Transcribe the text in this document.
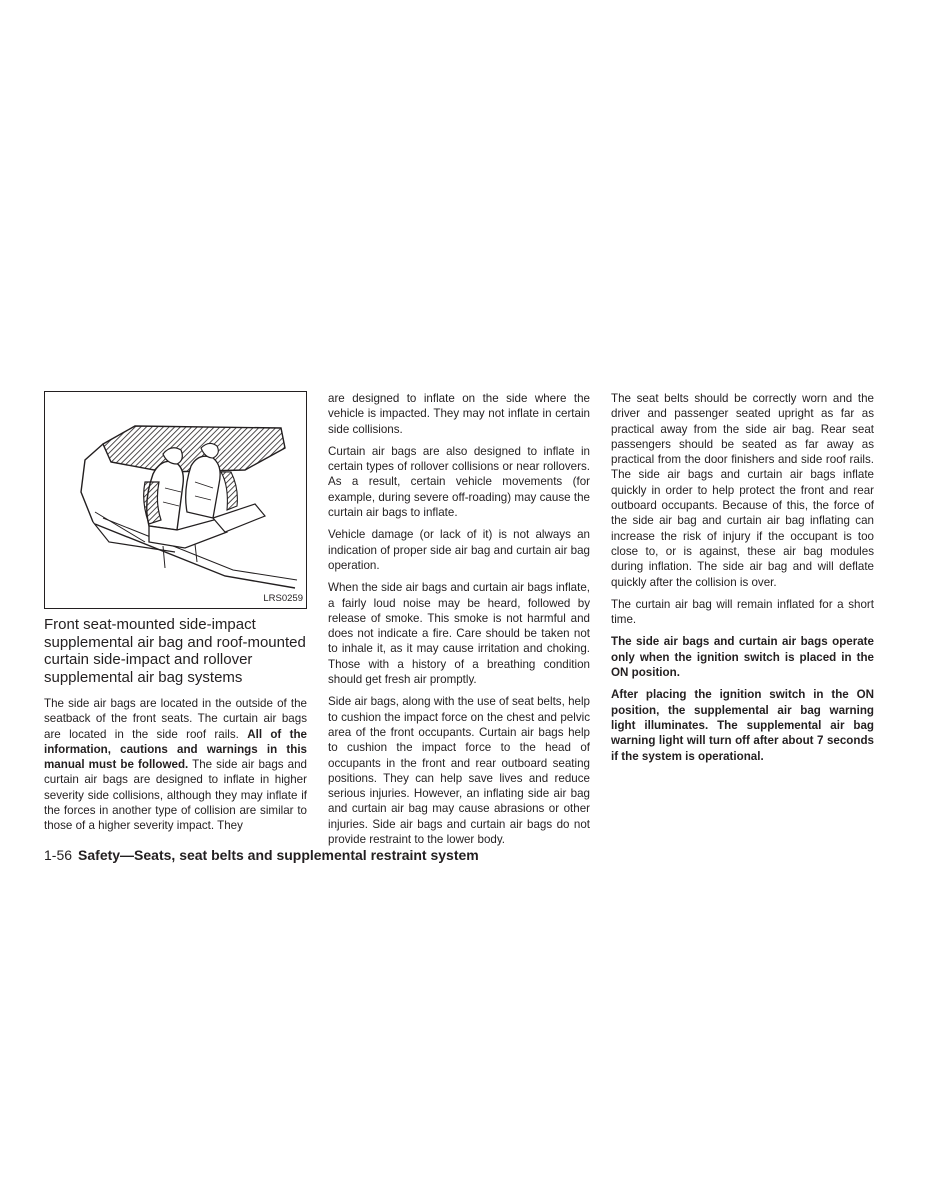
LRS0259
Front seat-mounted side-impact supplemental air bag and roof-mounted curtain side-impact and rollover supplemental air bag systems

The side air bags are located in the outside of the seatback of the front seats. The curtain air bags are located in the side roof rails. All of the information, cautions and warnings in this manual must be followed. The side air bags and curtain air bags are designed to inflate in higher severity side collisions, although they may inflate if the forces in another type of collision are similar to those of a higher severity impact. They

are designed to inflate on the side where the vehicle is impacted. They may not inflate in certain side collisions.

Curtain air bags are also designed to inflate in certain types of rollover collisions or near rollovers. As a result, certain vehicle movements (for example, during severe off-roading) may cause the curtain air bags to inflate.

Vehicle damage (or lack of it) is not always an indication of proper side air bag and curtain air bag operation.

When the side air bags and curtain air bags inflate, a fairly loud noise may be heard, followed by release of smoke. This smoke is not harmful and does not indicate a fire. Care should be taken not to inhale it, as it may cause irritation and choking. Those with a history of a breathing condition should get fresh air promptly.

Side air bags, along with the use of seat belts, help to cushion the impact force on the chest and pelvic area of the front occupants. Curtain air bags help to cushion the impact force to the head of occupants in the front and rear outboard seating positions. They can help save lives and reduce serious injuries. However, an inflating side air bag and curtain air bag may cause abrasions or other injuries. Side air bags and curtain air bags do not provide restraint to the lower body.

The seat belts should be correctly worn and the driver and passenger seated upright as far as practical away from the side air bag. Rear seat passengers should be seated as far away as practical from the door finishers and side roof rails. The side air bags and curtain air bags inflate quickly in order to help protect the front and rear outboard occupants. Because of this, the force of the side air bag and curtain air bag inflating can increase the risk of injury if the occupant is too close to, or is against, these air bag modules during inflation. The side air bag and will deflate quickly after the collision is over.

The curtain air bag will remain inflated for a short time.

The side air bags and curtain air bags operate only when the ignition switch is placed in the ON position.

After placing the ignition switch in the ON position, the supplemental air bag warning light illuminates. The supplemental air bag warning light will turn off after about 7 seconds if the system is operational.

1-56 Safety—Seats, seat belts and supplemental restraint system
